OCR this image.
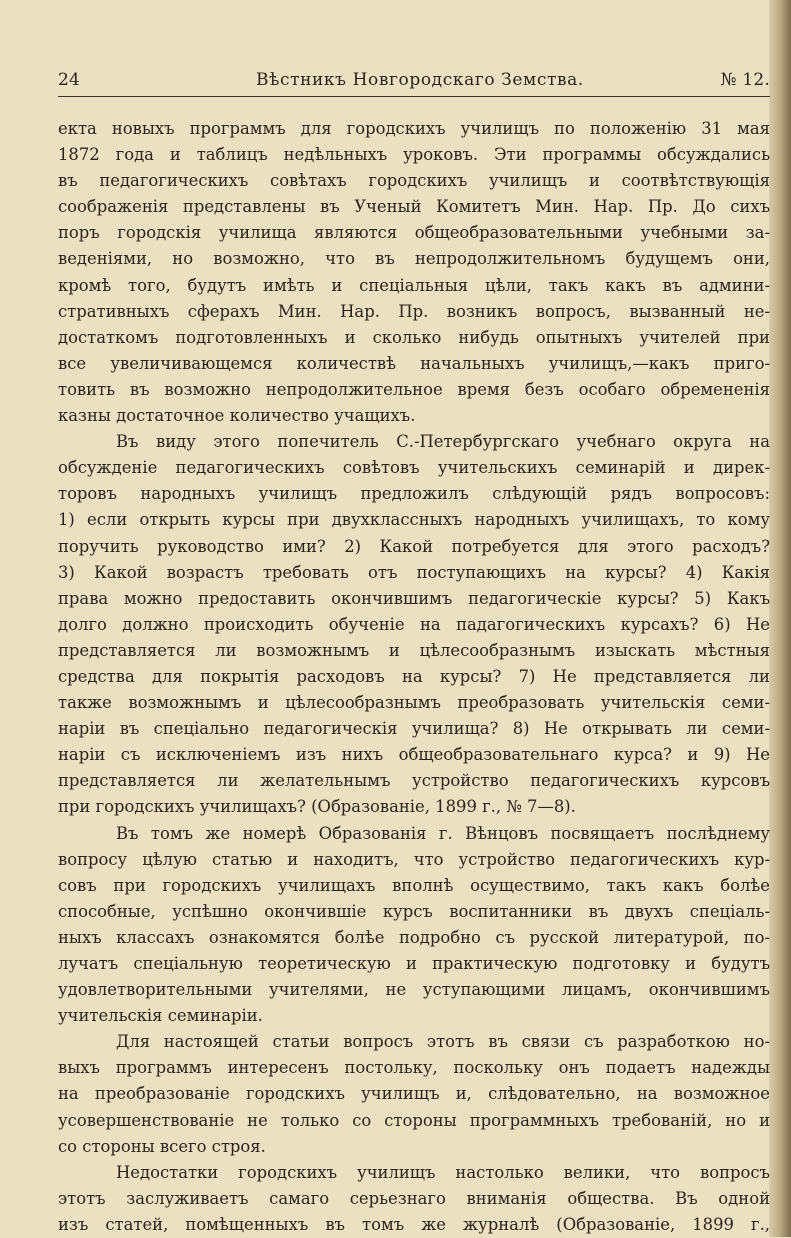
24	Вѣстникъ Новгородскаго Земства.	№ 12.
екта новыхъ программъ для городскихъ училищъ по положенію 31 мая
1872 года и таблицъ недѣльныхъ уроковъ. Эти программы обсуждались
въ педагогическихъ совѣтахъ городскихъ училищъ и соотвѣтствующія
соображенія представлены въ Ученый Комитетъ Мин. Нар. Пр. До сихъ
поръ городскія училища являются общеобразовательными учебными за-
веденіями, но возможно, что въ непродолжительномъ будущемъ они,
кромѣ того, будутъ имѣть и спеціальныя цѣли, такъ какъ въ админи-
стративныхъ сферахъ Мин. Нар. Пр. возникъ вопросъ, вызванный не-
достаткомъ подготовленныхъ и сколько нибудь опытныхъ учителей при
все увеличивающемся количествѣ начальныхъ училищъ,—какъ приго-
товить въ возможно непродолжительное время безъ особаго обремененія
казны достаточное количество учащихъ.
Въ виду этого попечитель С.-Петербургскаго учебнаго округа на
обсужденіе педагогическихъ совѣтовъ учительскихъ семинарій и дирек-
торовъ народныхъ училищъ предложилъ слѣдующій рядъ вопросовъ:
1) если открыть курсы при двухклассныхъ народныхъ училищахъ, то кому
поручить руководство ими? 2) Какой потребуется для этого расходъ?
3) Какой возрастъ требовать отъ поступающихъ на курсы? 4) Какія
права можно предоставить окончившимъ педагогическіе курсы? 5) Какъ
долго должно происходить обученіе на падагогическихъ курсахъ? 6) Не
представляется ли возможнымъ и цѣлесообразнымъ изыскать мѣстныя
средства для покрытія расходовъ на курсы? 7) Не представляется ли
также возможнымъ и цѣлесообразнымъ преобразовать учительскія семи-
наріи въ спеціально педагогическія училища? 8) Не открывать ли семи-
наріи съ исключеніемъ изъ нихъ общеобразовательнаго курса? и 9) Не
представляется ли желательнымъ устройство педагогическихъ курсовъ
при городскихъ училищахъ? (Образованіе, 1899 г., № 7—8).
Въ томъ же номерѣ Образованія г. Вѣнцовъ посвящаетъ послѣднему
вопросу цѣлую статью и находитъ, что устройство педагогическихъ кур-
совъ при городскихъ училищахъ вполнѣ осуществимо, такъ какъ болѣе
способные, успѣшно окончившіе курсъ воспитанники въ двухъ спеціаль-
ныхъ классахъ ознакомятся болѣе подробно съ русской литературой, по-
лучатъ спеціальную теоретическую и практическую подготовку и будутъ
удовлетворительными учителями, не уступающими лицамъ, окончившимъ
учительскія семинаріи.
Для настоящей статьи вопросъ этотъ въ связи съ разработкою но-
выхъ программъ интересенъ постольку, поскольку онъ подаетъ надежды
на преобразованіе городскихъ училищъ и, слѣдовательно, на возможное
усовершенствованіе не только со стороны программныхъ требованій, но и
со стороны всего строя.
Недостатки городскихъ училищъ настолько велики, что вопросъ
этотъ заслуживаетъ самаго серьезнаго вниманія общества. Въ одной
изъ статей, помѣщенныхъ въ томъ же журналѣ (Образованіе, 1899 г.,
